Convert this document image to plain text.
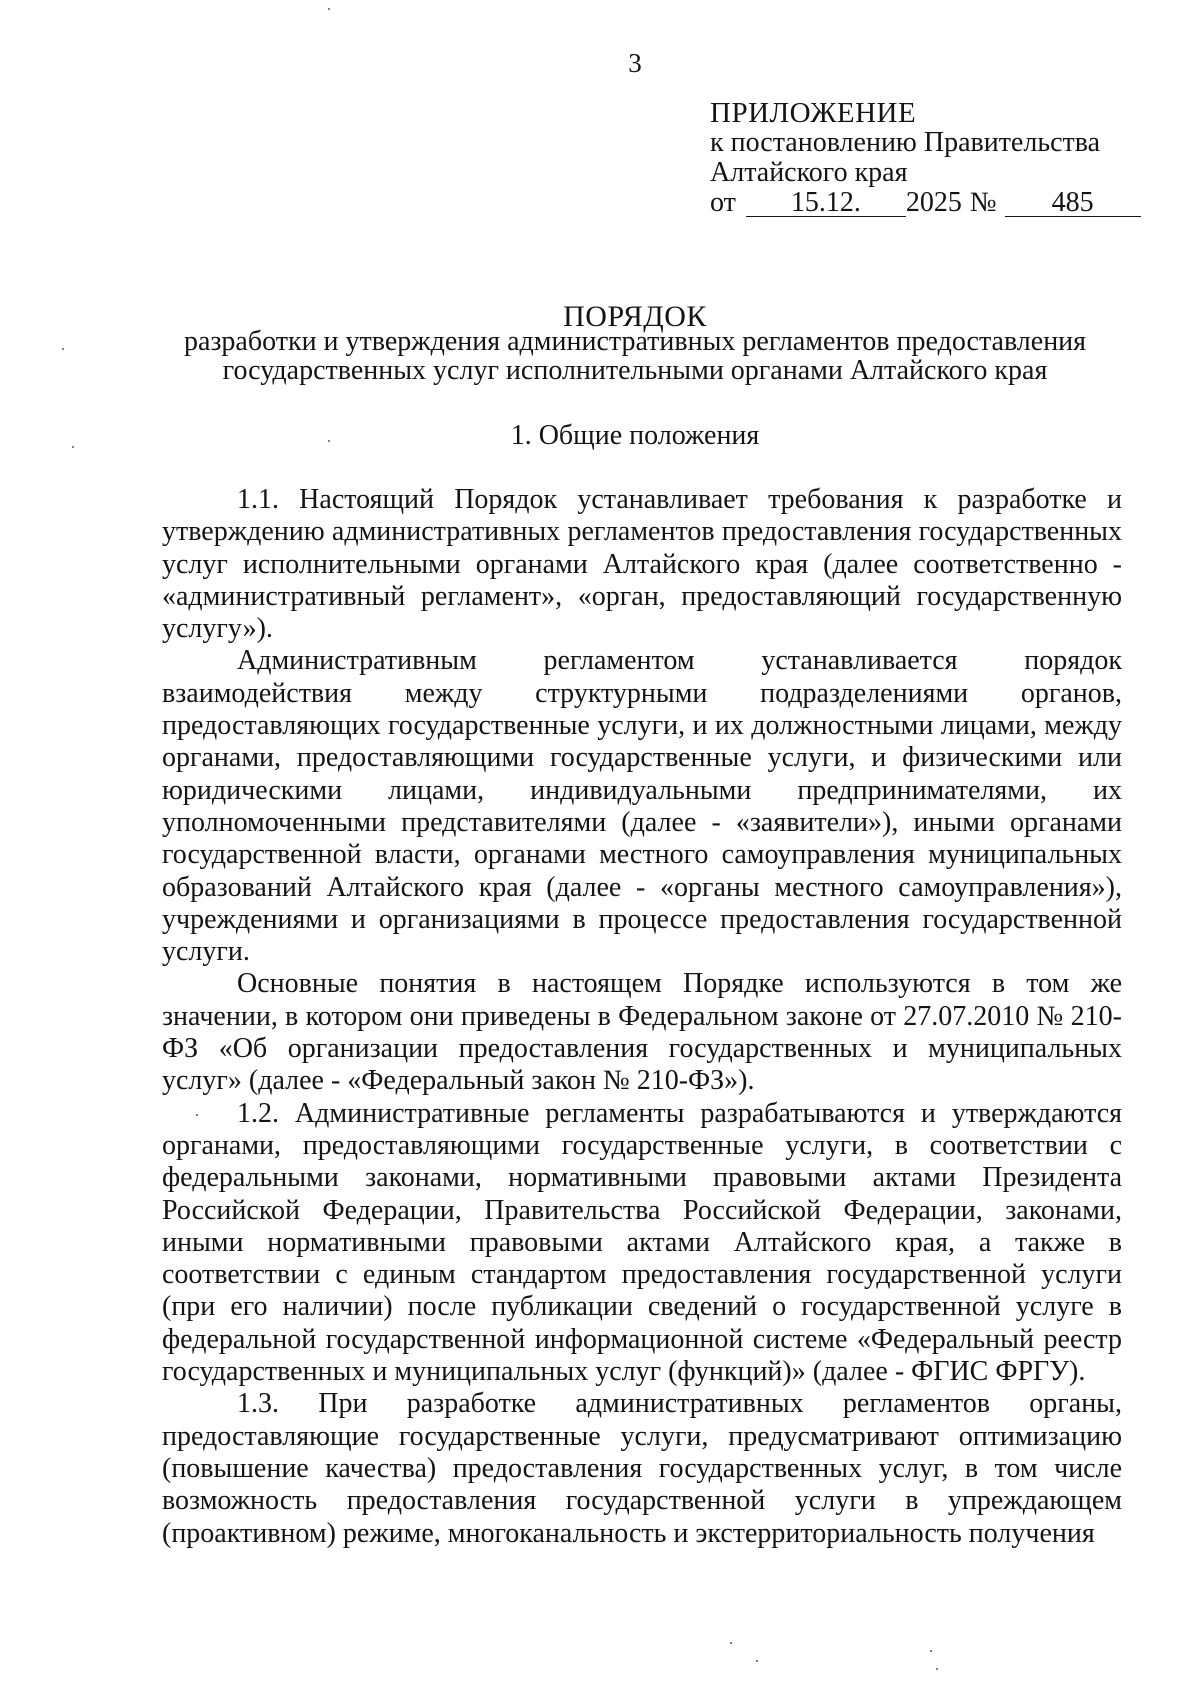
3
ПРИЛОЖЕНИЕ
к постановлению Правительства
Алтайского края
от	15.12.	2025 №	485
ПОРЯДОК
разработки и утверждения административных регламентов предоставления государственных услуг исполнительными органами Алтайского края
1. Общие положения

1.1. Настоящий Порядок устанавливает требования к разработке и утверждению административных регламентов предоставления государственных услуг исполнительными органами Алтайского края (далее соответственно - «административный регламент», «орган, предоставляющий государственную услугу»).

Административным регламентом устанавливается порядок взаимодействия между структурными подразделениями органов, предоставляющих государственные услуги, и их должностными лицами, между органами, предоставляющими государственные услуги, и физическими или юридическими лицами, индивидуальными предпринимателями, их уполномоченными представителями (далее - «заявители»), иными органами государственной власти, органами местного самоуправления муниципальных образований Алтайского края (далее - «органы местного самоуправления»), учреждениями и организациями в процессе предоставления государственной услуги.

Основные понятия в настоящем Порядке используются в том же значении, в котором они приведены в Федеральном законе от 27.07.2010 № 210-ФЗ «Об организации предоставления государственных и муниципальных услуг» (далее - «Федеральный закон № 210-ФЗ»).

1.2. Административные регламенты разрабатываются и утверждаются органами, предоставляющими государственные услуги, в соответствии с федеральными законами, нормативными правовыми актами Президента Российской Федерации, Правительства Российской Федерации, законами, иными нормативными правовыми актами Алтайского края, а также в соответствии с единым стандартом предоставления государственной услуги (при его наличии) после публикации сведений о государственной услуге в федеральной государственной информационной системе «Федеральный реестр государственных и муниципальных услуг (функций)» (далее - ФГИС ФРГУ).

1.3. При разработке административных регламентов органы, предоставляющие государственные услуги, предусматривают оптимизацию (повышение качества) предоставления государственных услуг, в том числе возможность предоставления государственной услуги в упреждающем (проактивном) режиме, многоканальность и экстерриториальность получения
